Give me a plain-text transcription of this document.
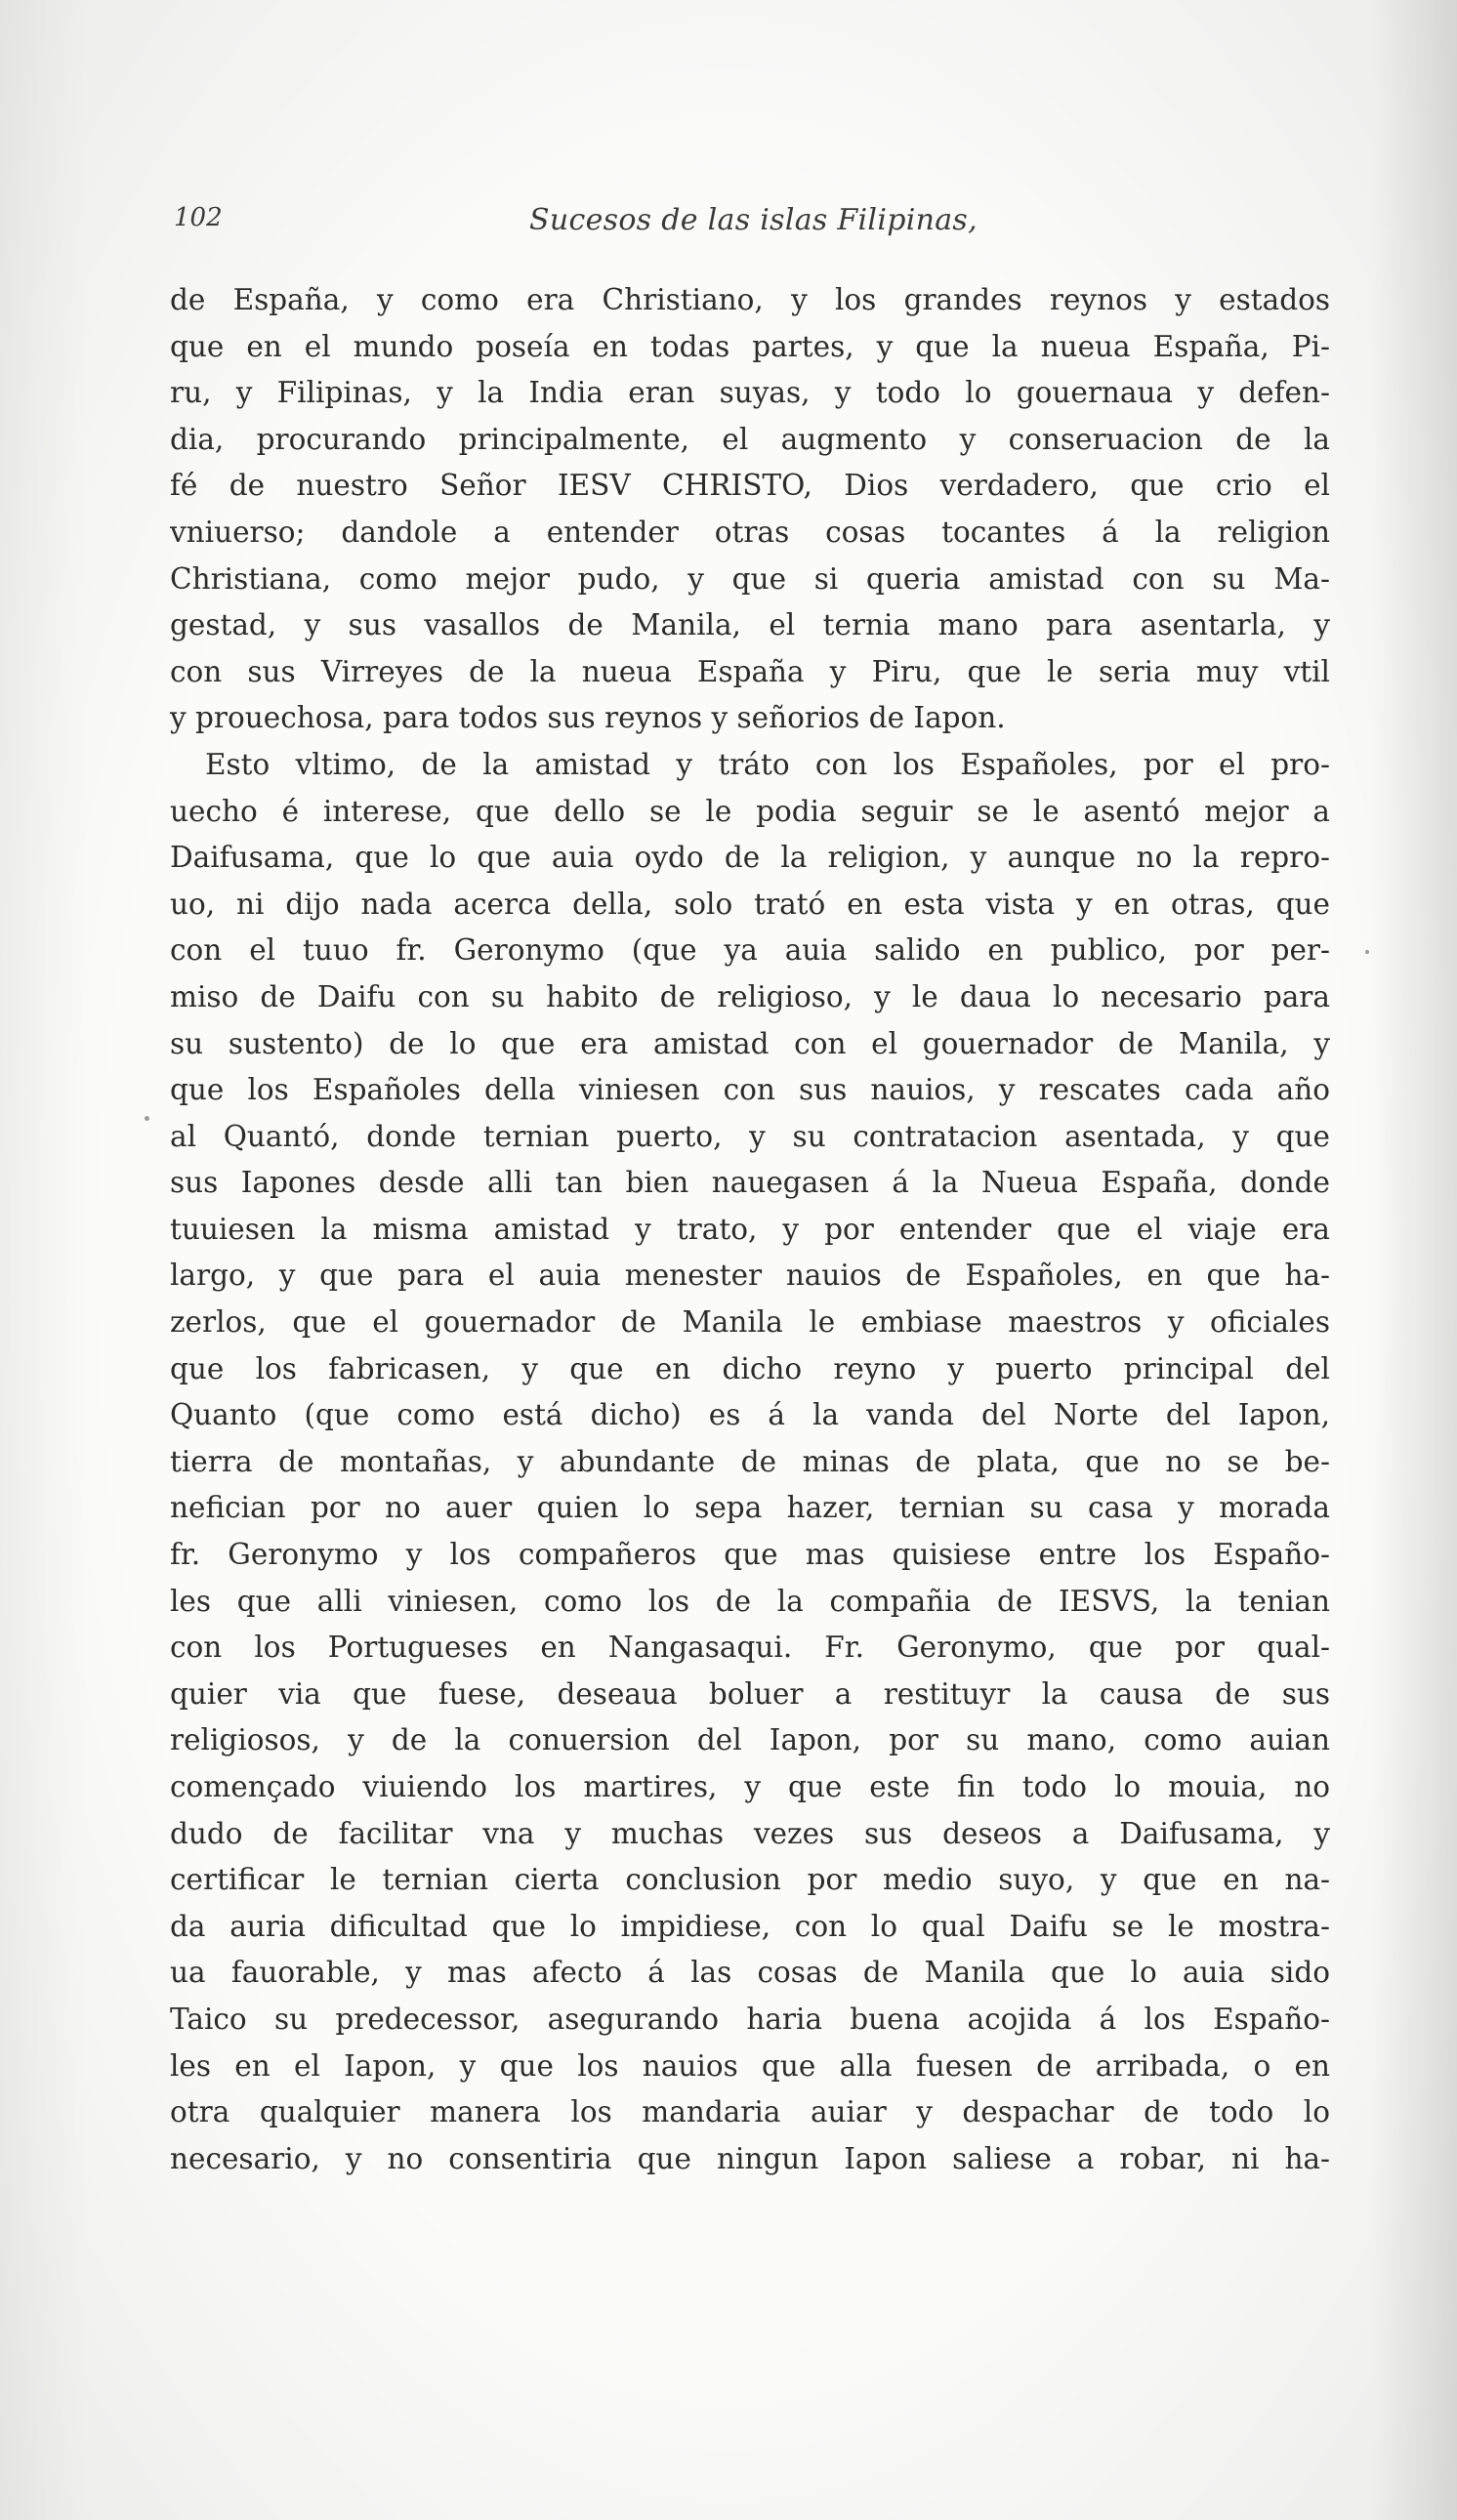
102	Sucesos de las islas Filipinas,
de España, y como era Christiano, y los grandes reynos y estados
que en el mundo poseía en todas partes, y que la nueua España, Pi-
ru, y Filipinas, y la India eran suyas, y todo lo gouernaua y defen-
dia, procurando principalmente, el augmento y conseruacion de la
fé de nuestro Señor IESV CHRISTO, Dios verdadero, que crio el
vniuerso; dandole a entender otras cosas tocantes á la religion
Christiana, como mejor pudo, y que si queria amistad con su Ma-
gestad, y sus vasallos de Manila, el ternia mano para asentarla, y
con sus Virreyes de la nueua España y Piru, que le seria muy vtil
y prouechosa, para todos sus reynos y señorios de Iapon.
Esto vltimo, de la amistad y tráto con los Españoles, por el pro-
uecho é interese, que dello se le podia seguir se le asentó mejor a
Daifusama, que lo que auia oydo de la religion, y aunque no la repro-
uo, ni dijo nada acerca della, solo trató en esta vista y en otras, que
con el tuuo fr. Geronymo (que ya auia salido en publico, por per-
miso de Daifu con su habito de religioso, y le daua lo necesario para
su sustento) de lo que era amistad con el gouernador de Manila, y
que los Españoles della viniesen con sus nauios, y rescates cada año
al Quantó, donde ternian puerto, y su contratacion asentada, y que
sus Iapones desde alli tan bien nauegasen á la Nueua España, donde
tuuiesen la misma amistad y trato, y por entender que el viaje era
largo, y que para el auia menester nauios de Españoles, en que ha-
zerlos, que el gouernador de Manila le embiase maestros y oficiales
que los fabricasen, y que en dicho reyno y puerto principal del
Quanto (que como está dicho) es á la vanda del Norte del Iapon,
tierra de montañas, y abundante de minas de plata, que no se be-
nefician por no auer quien lo sepa hazer, ternian su casa y morada
fr. Geronymo y los compañeros que mas quisiese entre los Españo-
les que alli viniesen, como los de la compañia de IESVS, la tenian
con los Portugueses en Nangasaqui. Fr. Geronymo, que por qual-
quier via que fuese, deseaua boluer a restituyr la causa de sus
religiosos, y de la conuersion del Iapon, por su mano, como auian
començado viuiendo los martires, y que este fin todo lo mouia, no
dudo de facilitar vna y muchas vezes sus deseos a Daifusama, y
certificar le ternian cierta conclusion por medio suyo, y que en na-
da auria dificultad que lo impidiese, con lo qual Daifu se le mostra-
ua fauorable, y mas afecto á las cosas de Manila que lo auia sido
Taico su predecessor, asegurando haria buena acojida á los Españo-
les en el Iapon, y que los nauios que alla fuesen de arribada, o en
otra qualquier manera los mandaria auiar y despachar de todo lo
necesario, y no consentiria que ningun Iapon saliese a robar, ni ha-
